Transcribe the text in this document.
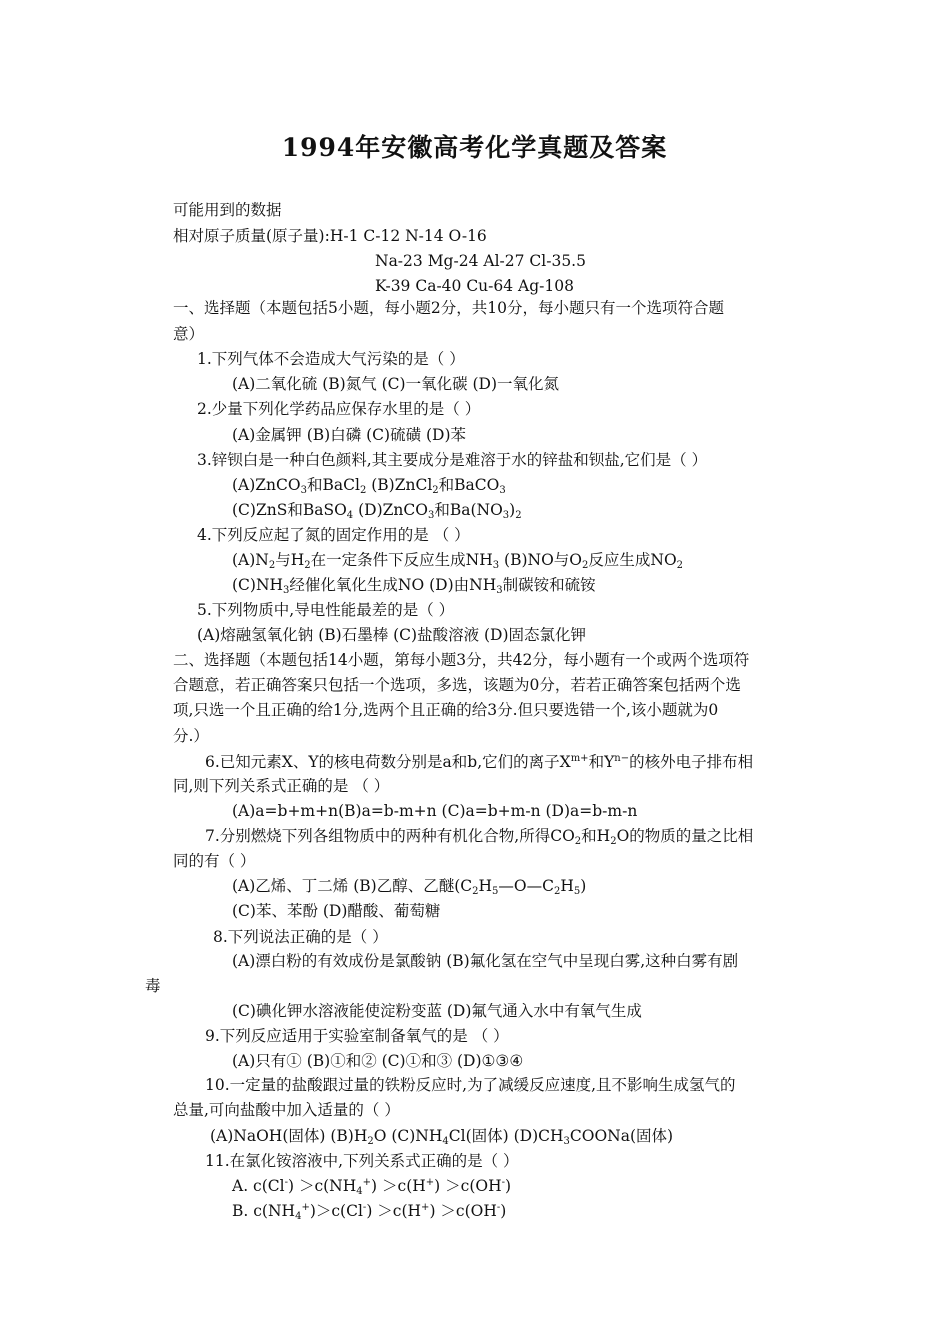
1994年安徽高考化学真题及答案
可能用到的数据
相对原子质量(原子量):H-1 C-12 N-14 O-16
Na-23 Mg-24 Al-27 Cl-35.5
K-39 Ca-40 Cu-64 Ag-108
一、选择题（本题包括5小题，每小题2分，共10分，每小题只有一个选项符合题
意）
1.下列气体不会造成大气污染的是（ ）
(A)二氧化硫 (B)氮气 (C)一氧化碳 (D)一氧化氮
2.少量下列化学药品应保存水里的是（ ）
(A)金属钾 (B)白磷 (C)硫磺 (D)苯
3.锌钡白是一种白色颜料,其主要成分是难溶于水的锌盐和钡盐,它们是（ ）
(A)ZnCO$_3$和BaCl$_2$ (B)ZnCl$_2$和BaCO$_3$
(C)ZnS和BaSO$_4$ (D)ZnCO$_3$和$Ba(NO_3)_2$
4.下列反应起了氮的固定作用的是 （ ）
$(A)N_2$与$H_2$在一定条件下反应生成$NH_3$ (B)NO与$O_2$反应生成$NO_2$
$(C)NH_3$经催化氧化生成NO (D)由$NH_3$制碳铵和硫铵
5.下列物质中,导电性能最差的是（ ）
(A)熔融氢氧化钠 (B)石墨棒 (C)盐酸溶液 (D)固态氯化钾
二、选择题（本题包括14小题，第每小题3分，共42分，每小题有一个或两个选项符
合题意，若正确答案只包括一个选项，多选，该题为0分，若若正确答案包括两个选
项,只选一个且正确的给1分,选两个且正确的给3分.但只要选错一个,该小题就为0
分.）
6.已知元素X、Y的核电荷数分别是a和b,它们的离子$X^{m+}$和$Y^{n-}$的核外电子排布相
同,则下列关系式正确的是 （ ）
(A)a=b+m+n(B)a=b-m+n (C)a=b+m-n (D)a=b-m-n
7.分别燃烧下列各组物质中的两种有机化合物,所得$CO_2$和$H_2O$的物质的量之比相
同的有（ ）
(A)乙烯、丁二烯 (B)乙醇、乙醚$(C_2H_5—O—C_2H_5)$
(C)苯、苯酚 (D)醋酸、葡萄糖
8.下列说法正确的是（ ）
(A)漂白粉的有效成份是氯酸钠 (B)氟化氢在空气中呈现白雾,这种白雾有剧
毒
(C)碘化钾水溶液能使淀粉变蓝 (D)氟气通入水中有氧气生成
9.下列反应适用于实验室制备氧气的是 （ ）
(A)只有① (B)①和② (C)①和③ (D)①③④
10.一定量的盐酸跟过量的铁粉反应时,为了减缓反应速度,且不影响生成氢气的
总量,可向盐酸中加入适量的（ ）
(A)NaOH(固体) $(B)H_2O$ $(C)NH_4Cl$(固体) $(D)CH_3COONa$(固体)
11.在氯化铵溶液中,下列关系式正确的是（ ）
A. $c(Cl^-) >c(NH_4^+) >c(H^+) >c(OH^-)$
B. $c(NH_4^+)>c(Cl^-) >c(H^+) >c(OH^-)$
